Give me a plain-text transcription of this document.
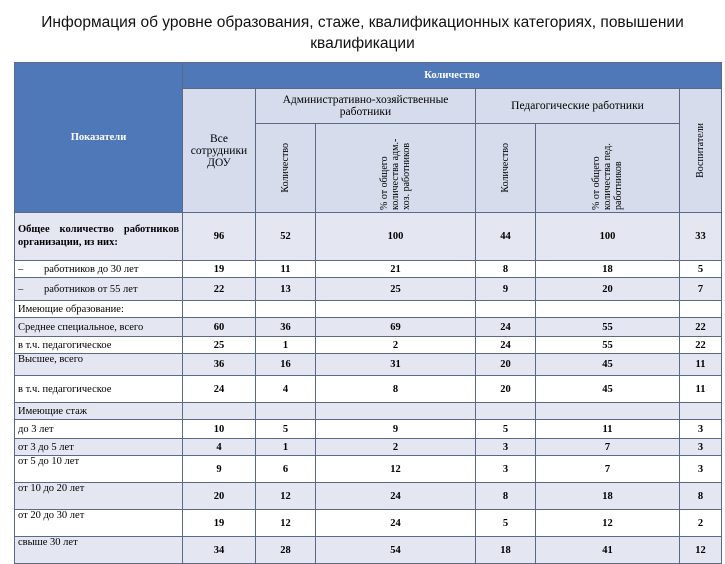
Информация об уровне образования, стаже, квалификационных категориях, повышении
квалификации
Показатели	Количество					
	Все сотрудники ДОУ	Административно-хозяйственные работники		Педагогические работники		Воспитатели

		Количество	% от общего количества адм.-хоз. работников	Количество	% от общего количества пед. работников	

Общее количество работников организации, из них:	96	52	100	44	100	33
– работников до 30 лет	19	11	21	8	18	5
– работников от 55 лет	22	13	25	9	20	7
Имеющие образование:						
Среднее специальное, всего	60	36	69	24	55	22
в т.ч. педагогическое	25	1	2	24	55	22
Высшее, всего	36	16	31	20	45	11
в т.ч. педагогическое	24	4	8	20	45	11
Имеющие стаж						
до 3 лет	10	5	9	5	11	3
от 3 до 5 лет	4	1	2	3	7	3
от 5 до 10 лет	9	6	12	3	7	3
от 10 до 20 лет	20	12	24	8	18	8
от 20 до 30 лет	19	12	24	5	12	2
свыше 30 лет	34	28	54	18	41	12
